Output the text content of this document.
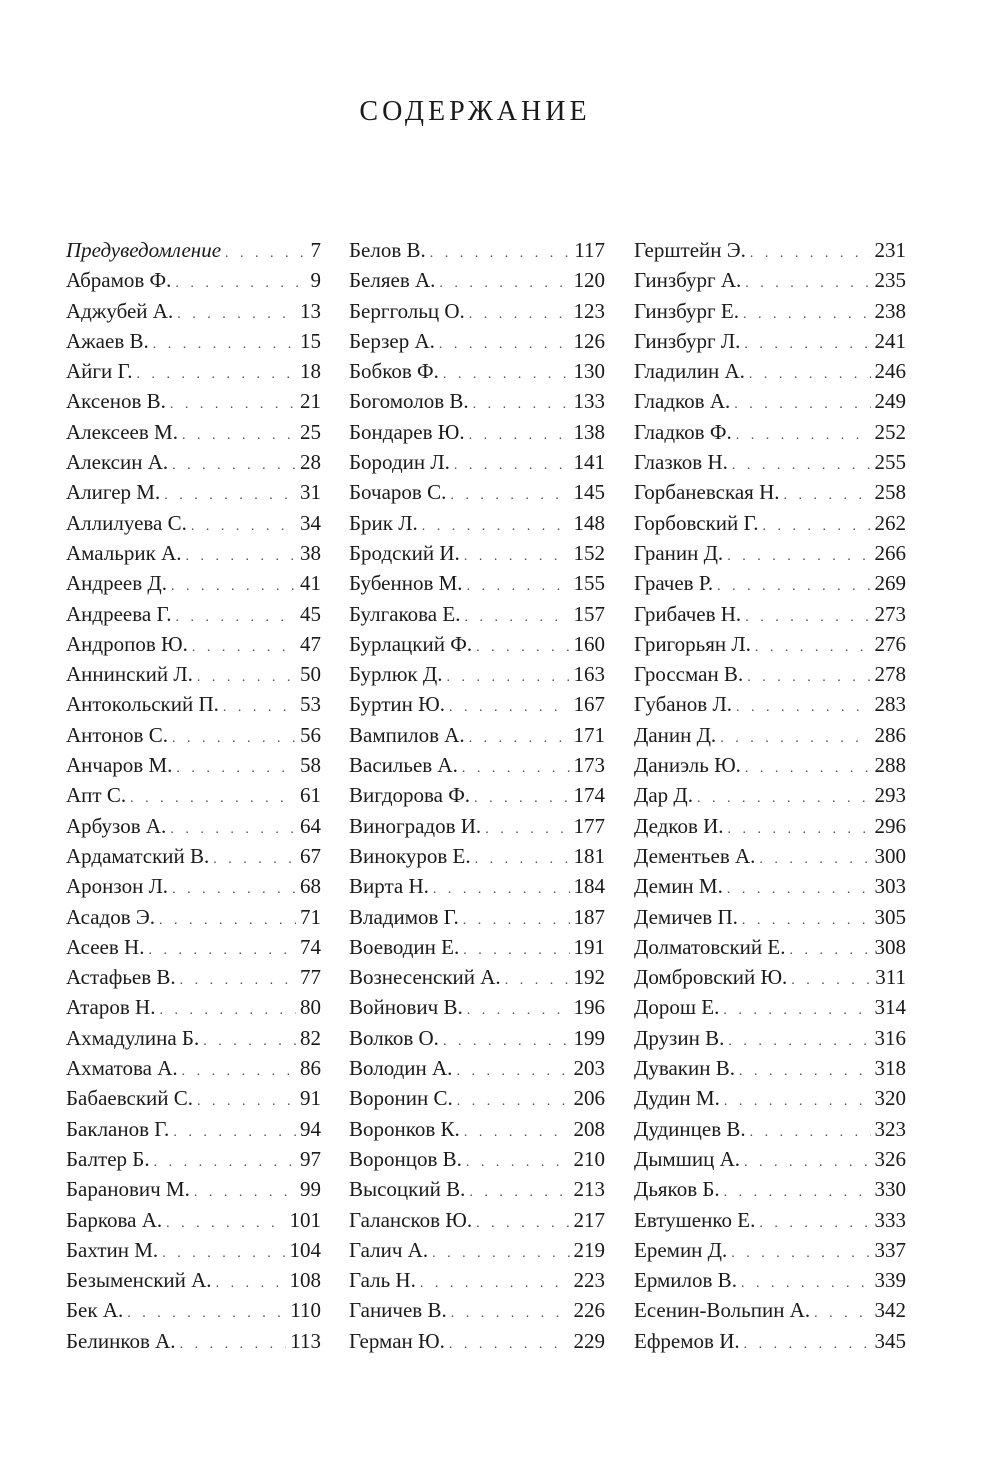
СОДЕРЖАНИЕ
Предуведомление . . .	7
Абрамов Ф. . . .	9
Аджубей А. . . .	13
Ажаев В. . . .	15
Айги Г. . . .	18
Аксенов В. . . .	21
Алексеев М. . . .	25
Алексин А. . . .	28
Алигер М. . . .	31
Аллилуева С. . . .	34
Амальрик А. . . .	38
Андреев Д. . . .	41
Андреева Г. . . .	45
Андропов Ю. . . .	47
Аннинский Л. . . .	50
Антокольский П. . . .	53
Антонов С. . . .	56
Анчаров М. . . .	58
Апт С. . . .	61
Арбузов А. . . .	64
Ардаматский В. . . .	67
Аронзон Л. . . .	68
Асадов Э. . . .	71
Асеев Н. . . .	74
Астафьев В. . . .	77
Атаров Н. . . .	80
Ахмадулина Б. . . .	82
Ахматова А. . . .	86
Бабаевский С. . . .	91
Бакланов Г. . . .	94
Балтер Б. . . .	97
Баранович М. . . .	99
Баркова А. . . .	101
Бахтин М. . . .	104
Безыменский А. . . .	108
Бек А. . . .	110
Белинков А. . . .	113
Белов В. . . .	117
Беляев А. . . .	120
Берггольц О. . . .	123
Берзер А. . . .	126
Бобков Ф. . . .	130
Богомолов В. . . .	133
Бондарев Ю. . . .	138
Бородин Л. . . .	141
Бочаров С. . . .	145
Брик Л. . . .	148
Бродский И. . . .	152
Бубеннов М. . . .	155
Булгакова Е. . . .	157
Бурлацкий Ф. . . .	160
Бурлюк Д. . . .	163
Буртин Ю. . . .	167
Вампилов А. . . .	171
Васильев А. . . .	173
Вигдорова Ф. . . .	174
Виноградов И. . . .	177
Винокуров Е. . . .	181
Вирта Н. . . .	184
Владимов Г. . . .	187
Воеводин Е. . . .	191
Вознесенский А. . . .	192
Войнович В. . . .	196
Волков О. . . .	199
Володин А. . . .	203
Воронин С. . . .	206
Воронков К. . . .	208
Воронцов В. . . .	210
Высоцкий В. . . .	213
Галансков Ю. . . .	217
Галич А. . . .	219
Галь Н. . . .	223
Ганичев В. . . .	226
Герман Ю. . . .	229
Герштейн Э. . . .	231
Гинзбург А. . . .	235
Гинзбург Е. . . .	238
Гинзбург Л. . . .	241
Гладилин А. . . .	246
Гладков А. . . .	249
Гладков Ф. . . .	252
Глазков Н. . . .	255
Горбаневская Н. . . .	258
Горбовский Г. . . .	262
Гранин Д. . . .	266
Грачев Р. . . .	269
Грибачев Н. . . .	273
Григорьян Л. . . .	276
Гроссман В. . . .	278
Губанов Л. . . .	283
Данин Д. . . .	286
Даниэль Ю. . . .	288
Дар Д. . . .	293
Дедков И. . . .	296
Дементьев А. . . .	300
Демин М. . . .	303
Демичев П. . . .	305
Долматовский Е. . . .	308
Домбровский Ю. . . .	311
Дорош Е. . . .	314
Друзин В. . . .	316
Дувакин В. . . .	318
Дудин М. . . .	320
Дудинцев В. . . .	323
Дымшиц А. . . .	326
Дьяков Б. . . .	330
Евтушенко Е. . . .	333
Еремин Д. . . .	337
Ермилов В. . . .	339
Есенин-Вольпин А. . . .	342
Ефремов И. . . .	345
